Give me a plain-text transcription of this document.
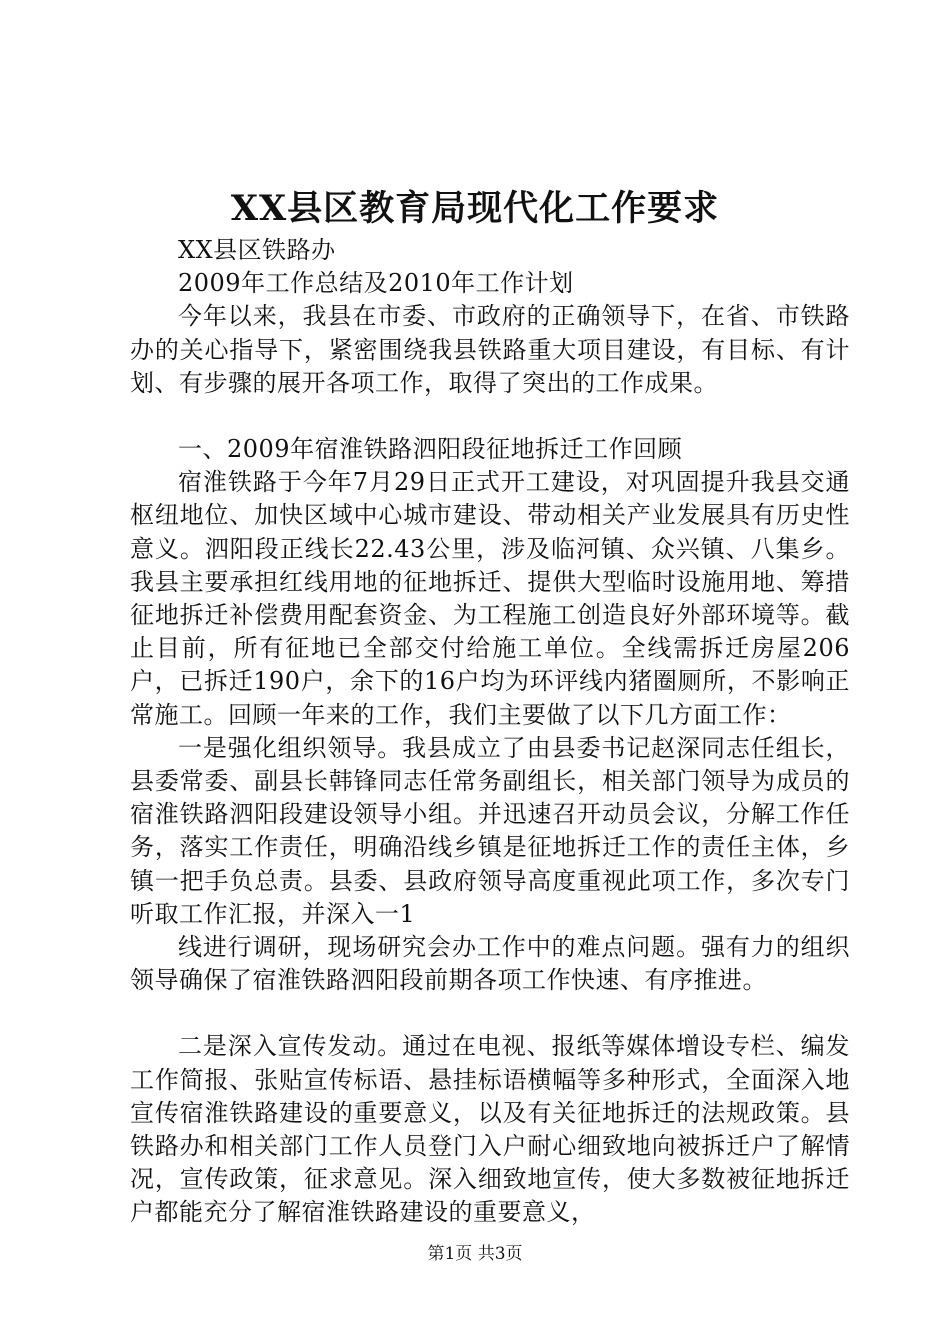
XX县区教育局现代化工作要求

XX县区铁路办

2009年工作总结及2010年工作计划

今年以来，我县在市委、市政府的正确领导下，在省、市铁路办的关心指导下，紧密围绕我县铁路重大项目建设，有目标、有计划、有步骤的展开各项工作，取得了突出的工作成果。

一、2009年宿淮铁路泗阳段征地拆迁工作回顾

宿淮铁路于今年7月29日正式开工建设，对巩固提升我县交通枢纽地位、加快区域中心城市建设、带动相关产业发展具有历史性意义。泗阳段正线长22.43公里，涉及临河镇、众兴镇、八集乡。我县主要承担红线用地的征地拆迁、提供大型临时设施用地、筹措征地拆迁补偿费用配套资金、为工程施工创造良好外部环境等。截止目前，所有征地已全部交付给施工单位。全线需拆迁房屋206户，已拆迁190户，余下的16户均为环评线内猪圈厕所，不影响正常施工。回顾一年来的工作，我们主要做了以下几方面工作：

一是强化组织领导。我县成立了由县委书记赵深同志任组长，县委常委、副县长韩锋同志任常务副组长，相关部门领导为成员的宿淮铁路泗阳段建设领导小组。并迅速召开动员会议，分解工作任务，落实工作责任，明确沿线乡镇是征地拆迁工作的责任主体，乡镇一把手负总责。县委、县政府领导高度重视此项工作，多次专门听取工作汇报，并深入一1

线进行调研，现场研究会办工作中的难点问题。强有力的组织领导确保了宿淮铁路泗阳段前期各项工作快速、有序推进。

二是深入宣传发动。通过在电视、报纸等媒体增设专栏、编发工作简报、张贴宣传标语、悬挂标语横幅等多种形式，全面深入地宣传宿淮铁路建设的重要意义，以及有关征地拆迁的法规政策。县铁路办和相关部门工作人员登门入户耐心细致地向被拆迁户了解情况，宣传政策，征求意见。深入细致地宣传，使大多数被征地拆迁户都能充分了解宿淮铁路建设的重要意义，

第1页 共3页
